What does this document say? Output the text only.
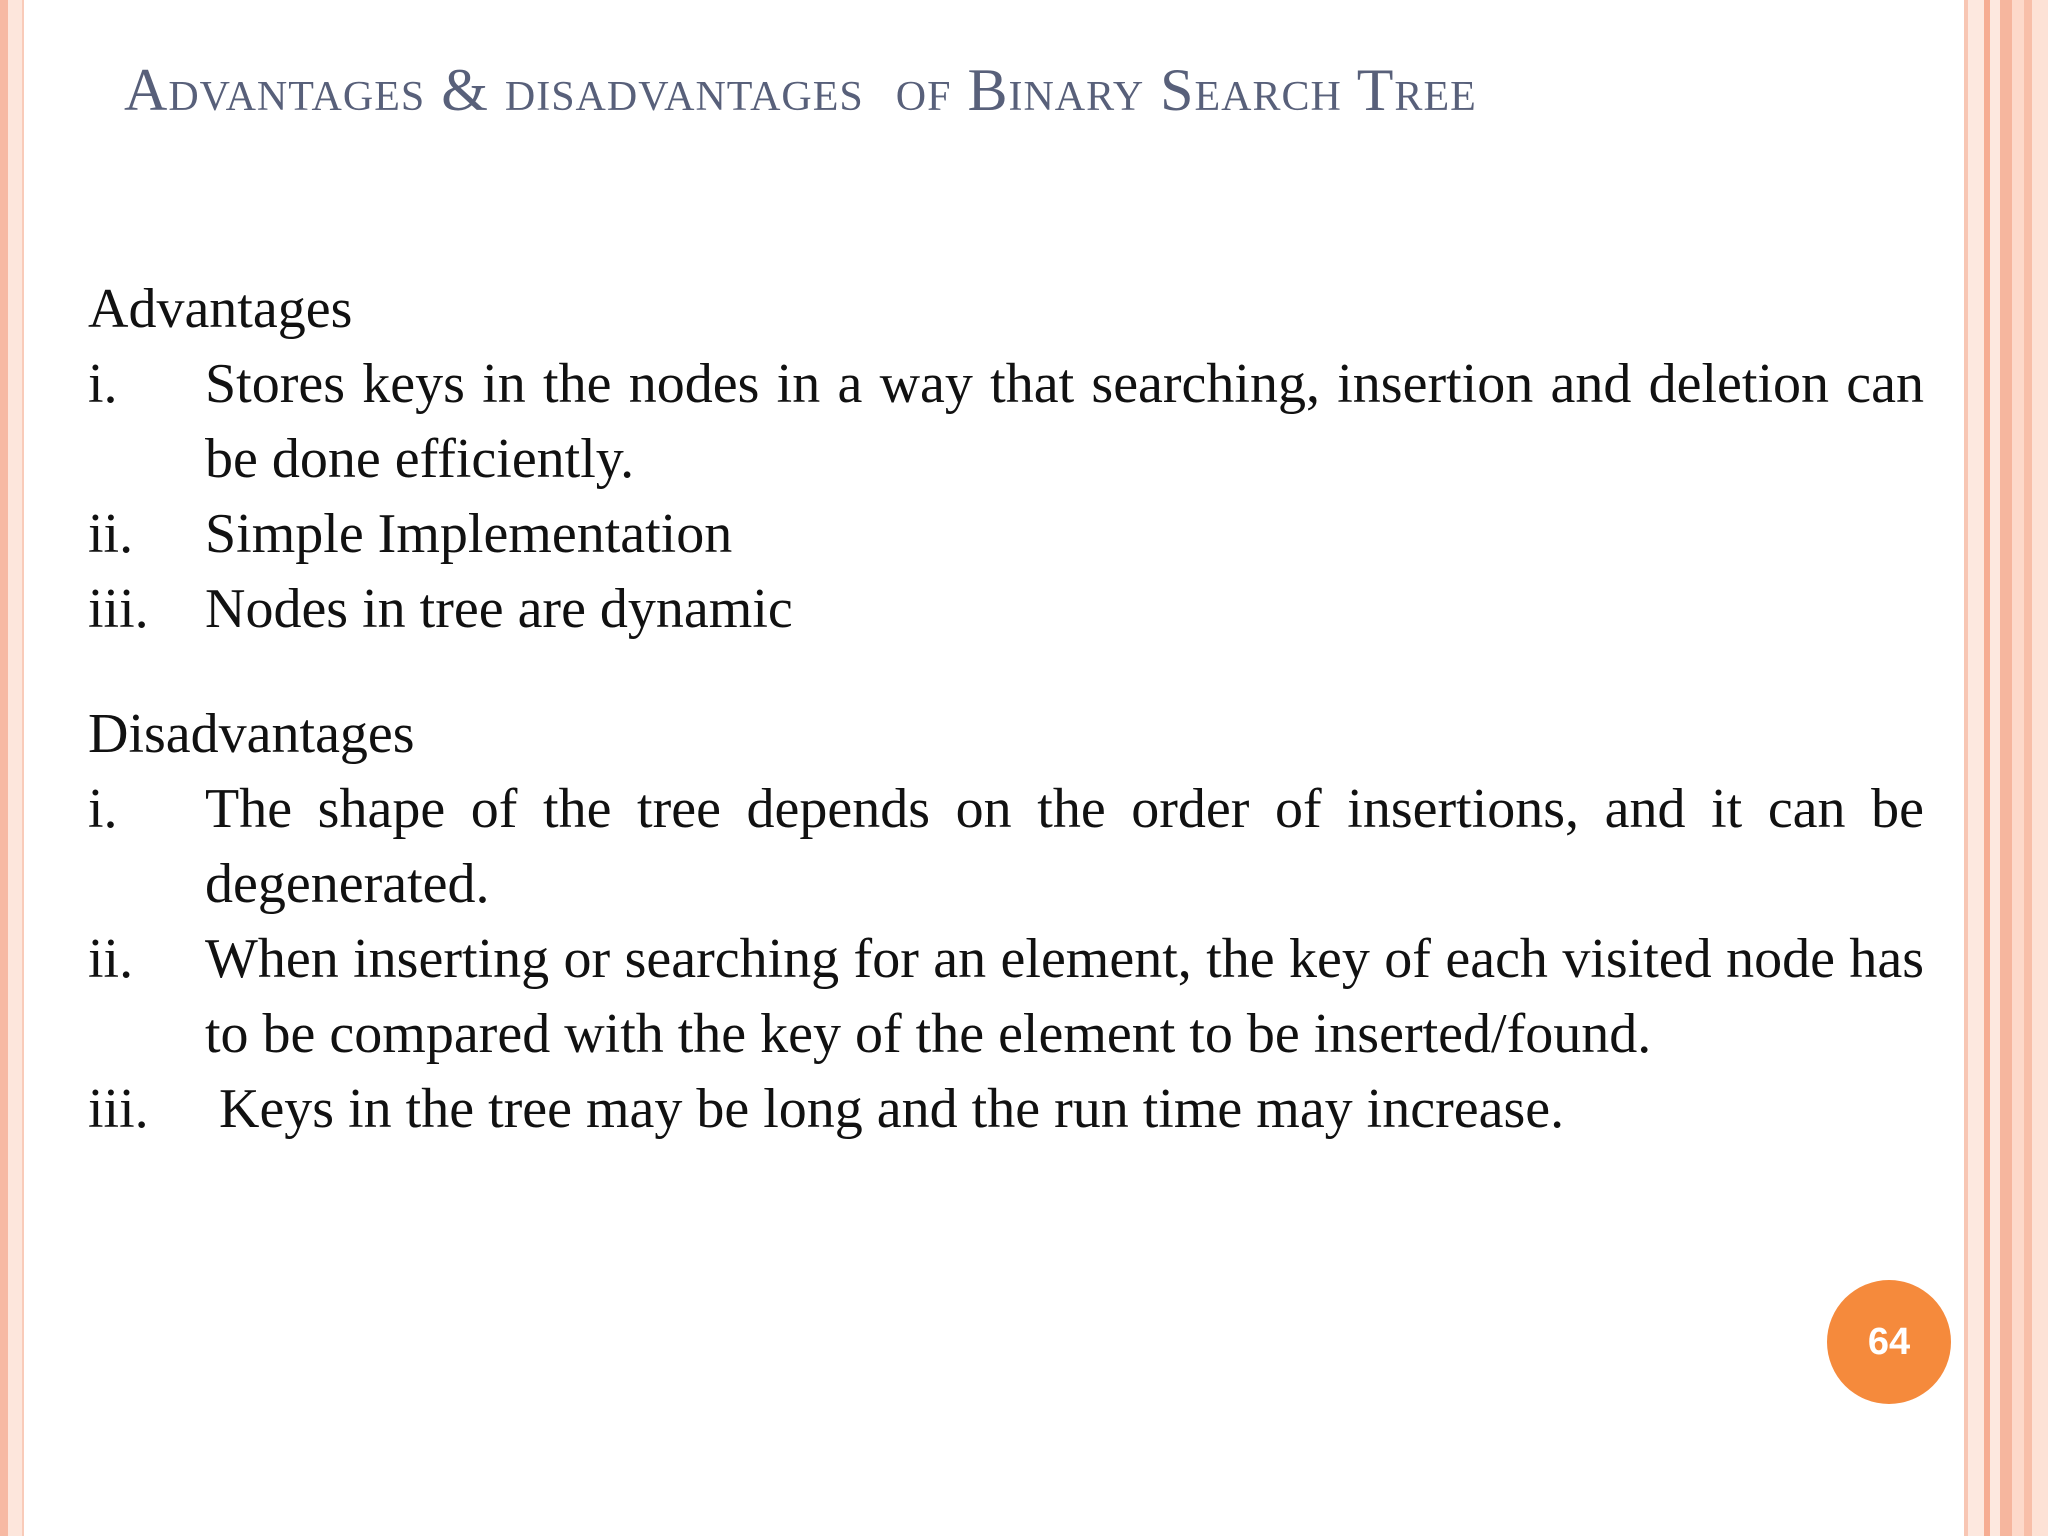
Advantages & disadvantages  of Binary Search Tree

Advantages

i.	Stores keys in the nodes in a way that searching, insertion and deletion can be done efficiently.
ii.	Simple Implementation
iii.	Nodes in tree are dynamic

Disadvantages

i.	The shape of the tree depends on the order of insertions, and it can be degenerated.
ii.	When inserting or searching for an element, the key of each visited node has to be compared with the key of the element to be inserted/found.
iii.	Keys in the tree may be long and the run time may increase.
64
